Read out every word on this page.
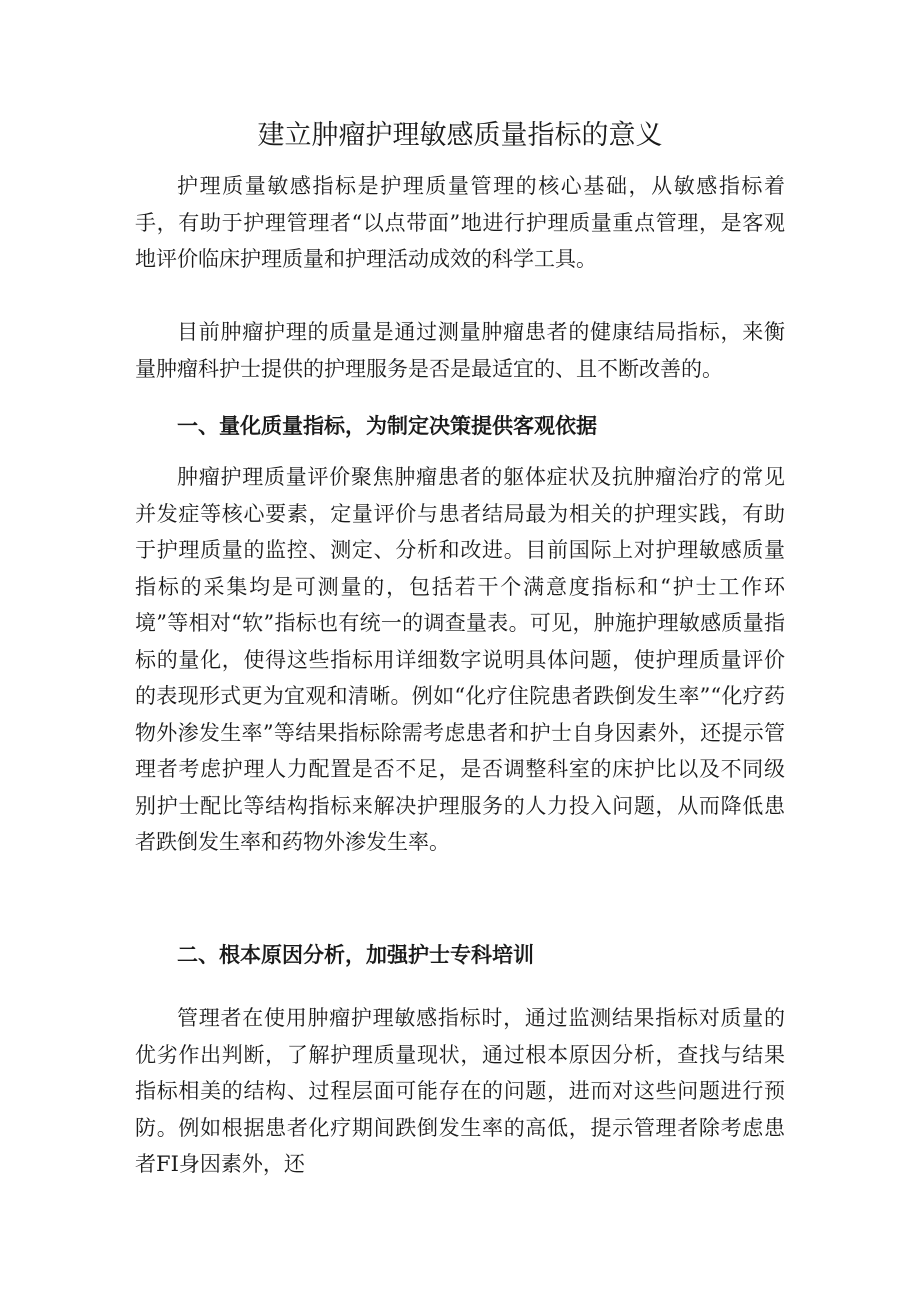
建立肿瘤护理敏感质量指标的意义

护理质量敏感指标是护理质量管理的核心基础，从敏感指标着手，有助于护理管理者“以点带面”地进行护理质量重点管理，是客观地评价临床护理质量和护理活动成效的科学工具。

目前肿瘤护理的质量是通过测量肿瘤患者的健康结局指标，来衡量肿瘤科护士提供的护理服务是否是最适宜的、且不断改善的。

一、量化质量指标，为制定决策提供客观依据

肿瘤护理质量评价聚焦肿瘤患者的躯体症状及抗肿瘤治疗的常见并发症等核心要素，定量评价与患者结局最为相关的护理实践，有助于护理质量的监控、测定、分析和改进。目前国际上对护理敏感质量指标的采集均是可测量的，包括若干个满意度指标和“护士工作环境”等相对“软”指标也有统一的调查量表。可见，肿施护理敏感质量指标的量化，使得这些指标用详细数字说明具体问题，使护理质量评价的表现形式更为宜观和清晰。例如“化疗住院患者跌倒发生率”“化疗药物外渗发生率”等结果指标除需考虑患者和护士自身因素外，还提示管理者考虑护理人力配置是否不足，是否调整科室的床护比以及不同级别护士配比等结构指标来解决护理服务的人力投入问题，从而降低患者跌倒发生率和药物外渗发生率。

二、根本原因分析，加强护士专科培训

管理者在使用肿瘤护理敏感指标时，通过监测结果指标对质量的优劣作出判断，了解护理质量现状，通过根本原因分析，查找与结果指标相美的结构、过程层面可能存在的问题，进而对这些问题进行预防。例如根据患者化疗期间跌倒发生率的高低，提示管理者除考虑患者FI身因素外，还
